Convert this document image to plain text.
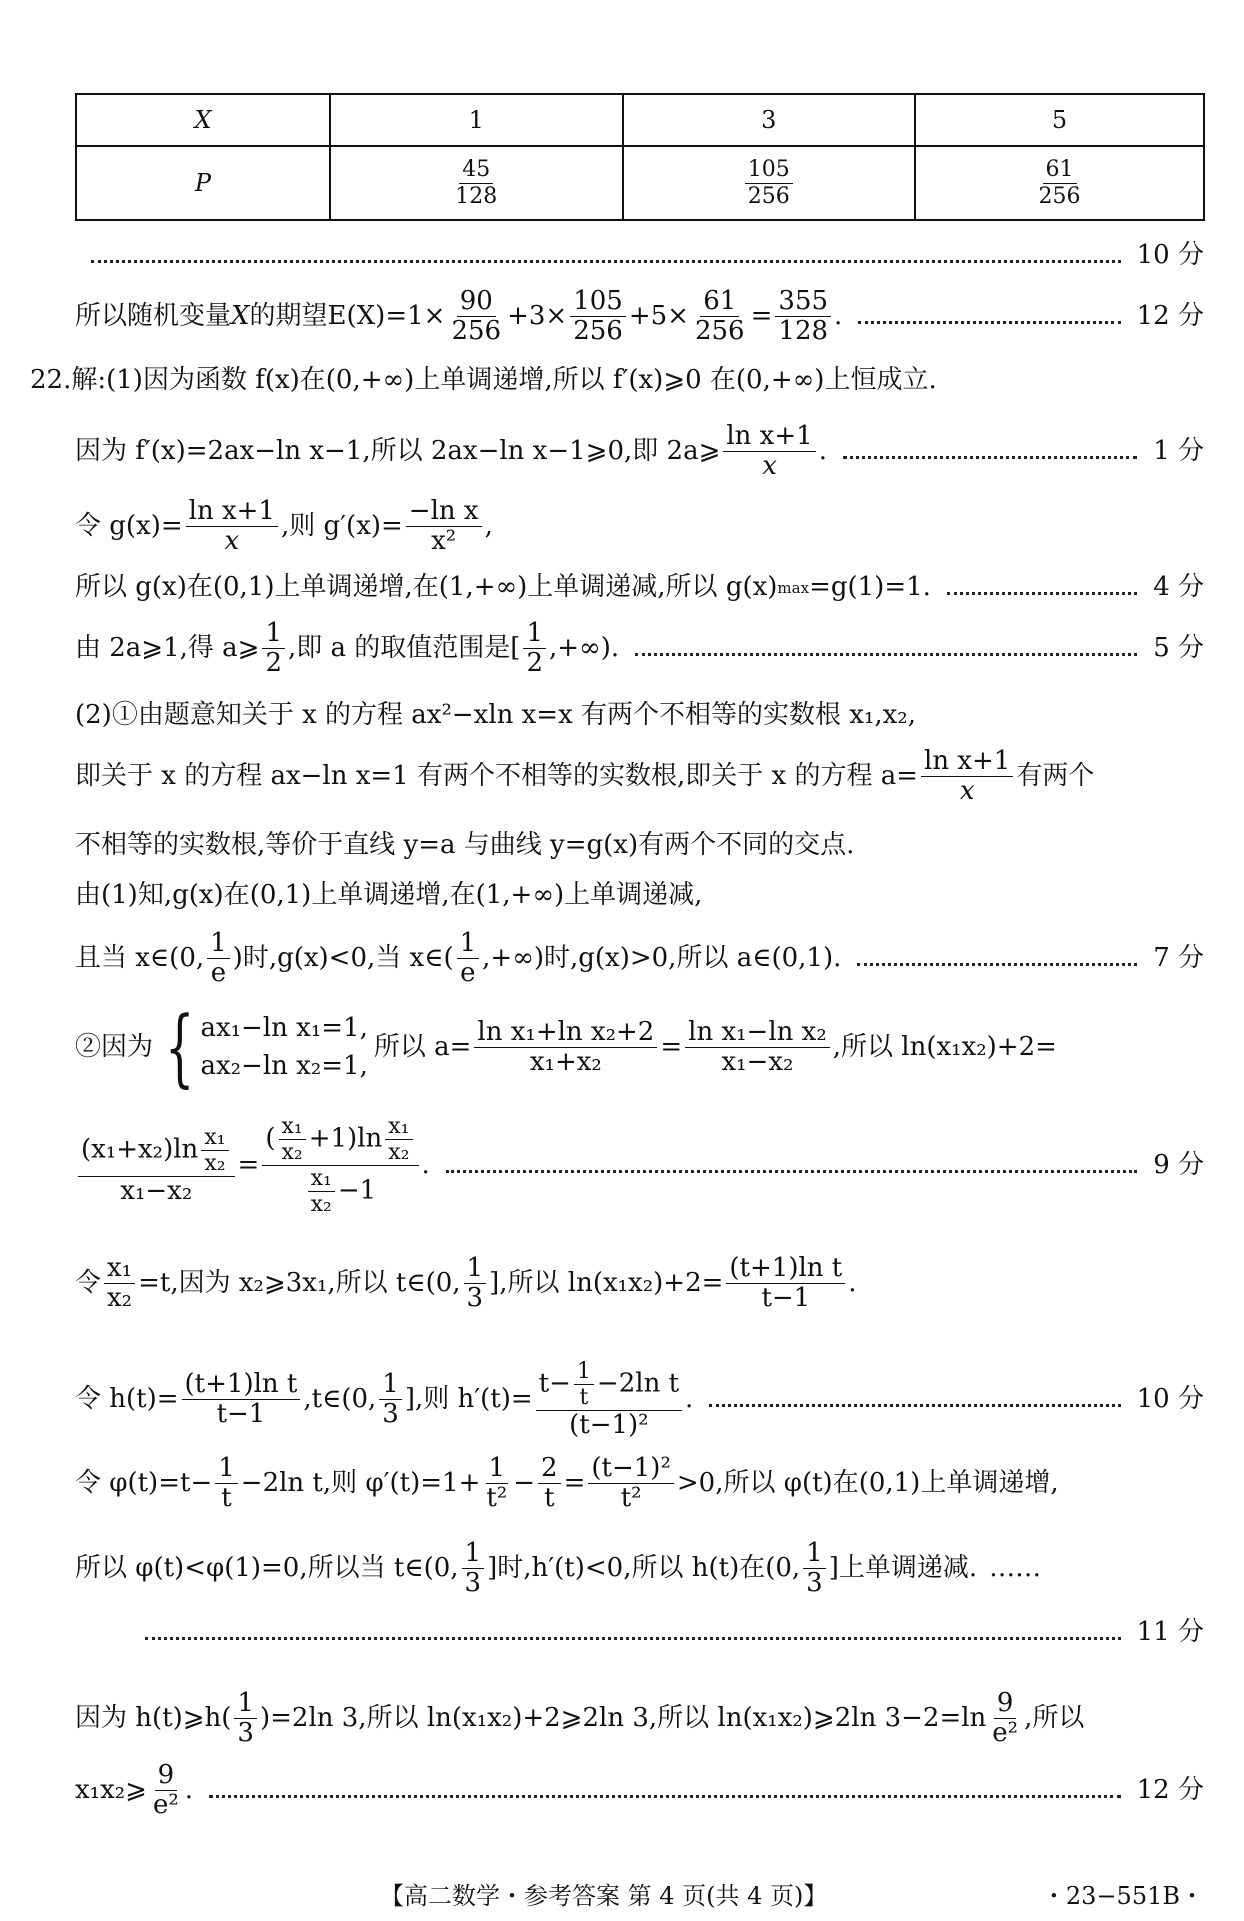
X	1	3	5
P	$\frac{45}{128}$	$\frac{105}{256}$	$\frac{61}{256}$
10 分
所以随机变量 X 的期望 $E(X)=1\times \frac{90}{256} +3\times \frac{105}{256} +5\times \frac{61}{256} = \frac{355}{128}$ .	12 分
22.解:(1)因为函数 f(x)在(0,+∞)上单调递增,所以 f′(x)⩾0 在(0,+∞)上恒成立.
因为 f′(x)=2ax−ln x−1,所以 2ax−ln x−1⩾0,即 2a⩾ $\frac{\text{ln x+1}}{x}$ .	1 分
令 $g(x)= \frac{\text{ln x+1}}{x}$ ,则 $g'(x)= \frac{\text{−ln x}}{\text{x²}}$ ,
所以 g(x)在(0,1)上单调递增,在(1,+∞)上单调递减,所以 g(x) max =g(1)=1.	4 分
由 2a⩾1,得 a⩾ $\frac{1}{2}$ ,即 a 的取值范围是[ $\frac{1}{2}$ ,+∞).	5 分
(2)①由题意知关于 x 的方程 ax²−xln x=x 有两个不相等的实数根 x₁,x₂,
即关于 x 的方程 ax−ln x=1 有两个不相等的实数根,即关于 x 的方程 $a= \frac{\text{ln x+1}}{x}$ 有两个
不相等的实数根,等价于直线 y=a 与曲线 y=g(x)有两个不同的交点.
由(1)知,g(x)在(0,1)上单调递增,在(1,+∞)上单调递减,
且当 x∈(0, $\frac{1}{e}$ )时,g(x)<0,当 x∈( $\frac{1}{e}$ ,+∞)时,g(x)>0,所以 a∈(0,1).	7 分
②因为 { ax₁−ln x₁=1,
ax₂−ln x₂=1,
所以 $a= \frac{\text{ln x₁+ln x₂+2}}{\text{x₁+x₂}} = \frac{\text{ln x₁−ln x₂}}{\text{x₁−x₂}}$ ,所以 ln(x₁x₂)+2=
$\frac{(x_1+x_2)\ln \frac{\text{x₁}}{\text{x₂}}}{\text{x₁−x₂}} = \frac{( \frac{\text{x₁}}{\text{x₂}} +1)\ln \frac{\text{x₁}}{\text{x₂}}}{\frac{\text{x₁}}{\text{x₂}} -1}$ .	9 分
令 $\frac{\text{x₁}}{\text{x₂}} =t$,因为 x₂⩾3x₁,所以 t∈(0, $\frac{1}{3}$ ],所以 $\ln(x_1x_2)+2= \frac{\text{(t+1)ln t}}{t-1}$ .
令 $h(t)= \frac{\text{(t+1)ln t}}{t-1}$ ,t∈(0, $\frac{1}{3}$ ],则 $h'(t)= \frac{t- \frac{1}{t} -2\ln t}{\text{(t−1)²}}$ .	10 分
令 $\varphi(t)=t- \frac{1}{t} -2\ln$ t,则 $\varphi'(t)=1+ \frac{1}{\text{t²}} - \frac{2}{t} = \frac{\text{(t−1)²}}{\text{t²}} >0$,所以 φ(t)在(0,1)上单调递增,
所以 φ(t)<φ(1)=0,所以当 t∈(0, $\frac{1}{3}$ ]时,h′(t)<0,所以 h(t)在(0, $\frac{1}{3}$ ]上单调递减. ……
11 分
因为 h(t)⩾h( $\frac{1}{3} )=2\ln$ 3,所以 ln(x₁x₂)+2⩾2ln 3,所以 ln(x₁x₂)⩾2ln $3-2=\ln \frac{9}{\text{e²}}$ ,所以
x₁x₂⩾ $\frac{9}{\text{e²}}$ .	12 分
【高二数学・参考答案 第 4 页(共 4 页)】	・23−551B・
